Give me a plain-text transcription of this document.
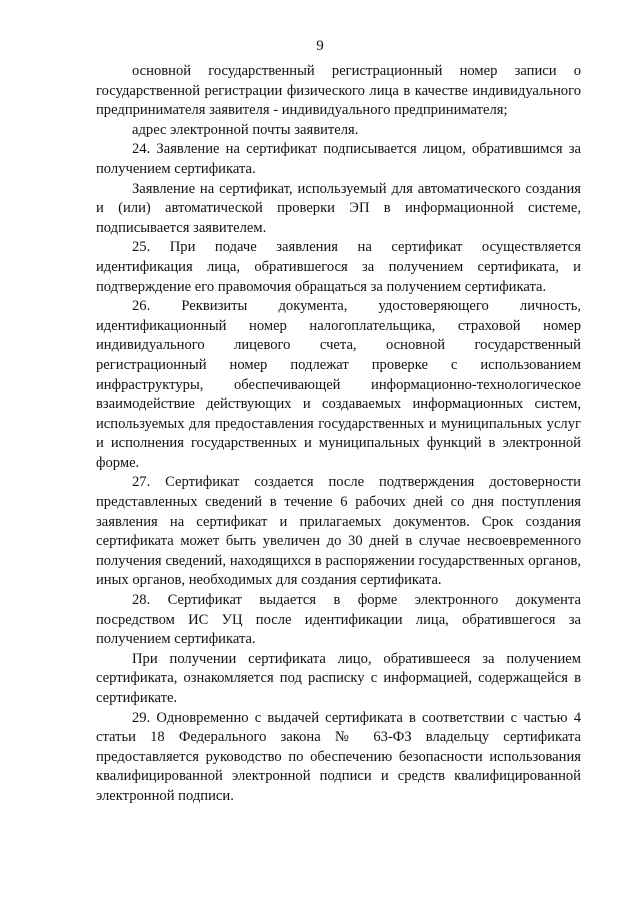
9

основной государственный регистрационный номер записи о государственной регистрации физического лица в качестве индивидуального предпринимателя заявителя - индивидуального предпринимателя;

адрес электронной почты заявителя.

24. Заявление на сертификат подписывается лицом, обратившимся за получением сертификата.

Заявление на сертификат, используемый для автоматического создания и (или) автоматической проверки ЭП в информационной системе, подписывается заявителем.

25. При подаче заявления на сертификат осуществляется идентификация лица, обратившегося за получением сертификата, и подтверждение его правомочия обращаться за получением сертификата.

26. Реквизиты документа, удостоверяющего личность, идентификационный номер налогоплательщика, страховой номер индивидуального лицевого счета, основной государственный регистрационный номер подлежат проверке с использованием инфраструктуры, обеспечивающей информационно-технологическое взаимодействие действующих и создаваемых информационных систем, используемых для предоставления государственных и муниципальных услуг и исполнения государственных и муниципальных функций в электронной форме.

27. Сертификат создается после подтверждения достоверности представленных сведений в течение 6 рабочих дней со дня поступления заявления на сертификат и прилагаемых документов. Срок создания сертификата может быть увеличен до 30 дней в случае несвоевременного получения сведений, находящихся в распоряжении государственных органов, иных органов, необходимых для создания сертификата.

28. Сертификат выдается в форме электронного документа посредством ИС УЦ после идентификации лица, обратившегося за получением сертификата.

При получении сертификата лицо, обратившееся за получением сертификата, ознакомляется под расписку с информацией, содержащейся в сертификате.

29. Одновременно с выдачей сертификата в соответствии с частью 4 статьи 18 Федерального закона № 63-ФЗ владельцу сертификата предоставляется руководство по обеспечению безопасности использования квалифицированной электронной подписи и средств квалифицированной электронной подписи.
